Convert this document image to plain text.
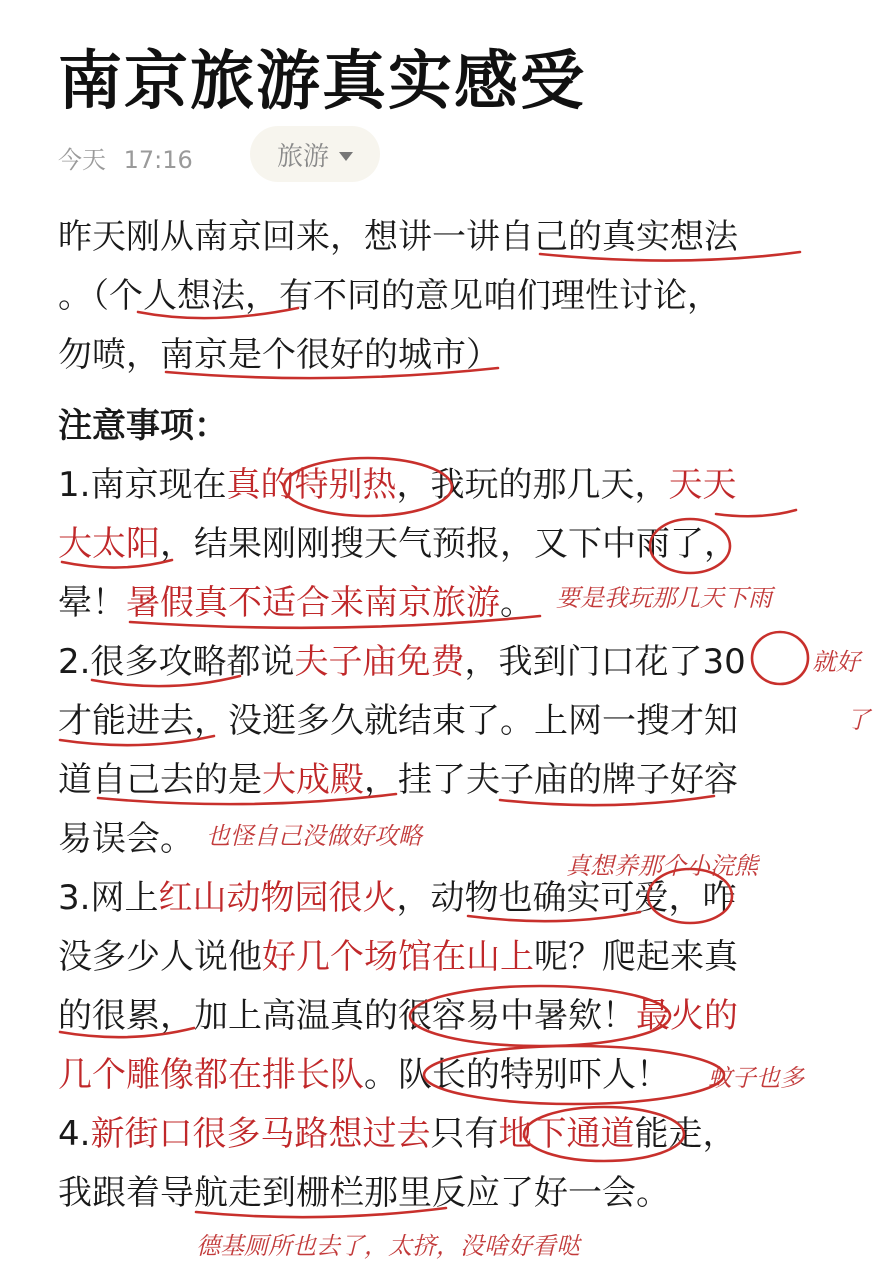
南京旅游真实感受
今天 17:16	旅游
昨天刚从南京回来，想讲一讲自己的真实想法
。（个人想法，有不同的意见咱们理性讨论，
勿喷，南京是个很好的城市）
注意事项：
1.南京现在真的特别热，我玩的那几天，天天
大太阳，结果刚刚搜天气预报，又下中雨了，
晕！暑假真不适合来南京旅游。
2.很多攻略都说夫子庙免费，我到门口花了30
才能进去，没逛多久就结束了。上网一搜才知
道自己去的是大成殿，挂了夫子庙的牌子好容
易误会。
3.网上红山动物园很火，动物也确实可爱，咋
没多少人说他好几个场馆在山上呢？爬起来真
的很累，加上高温真的很容易中暑欸！最火的
几个雕像都在排长队。队长的特别吓人！
4.新街口很多马路想过去只有地下通道能走，
我跟着导航走到栅栏那里反应了好一会。
要是我玩那几天下雨
就好
了
也怪自己没做好攻略
真想养那个小浣熊
蚊子也多
德基厕所也去了，太挤，没啥好看哒
